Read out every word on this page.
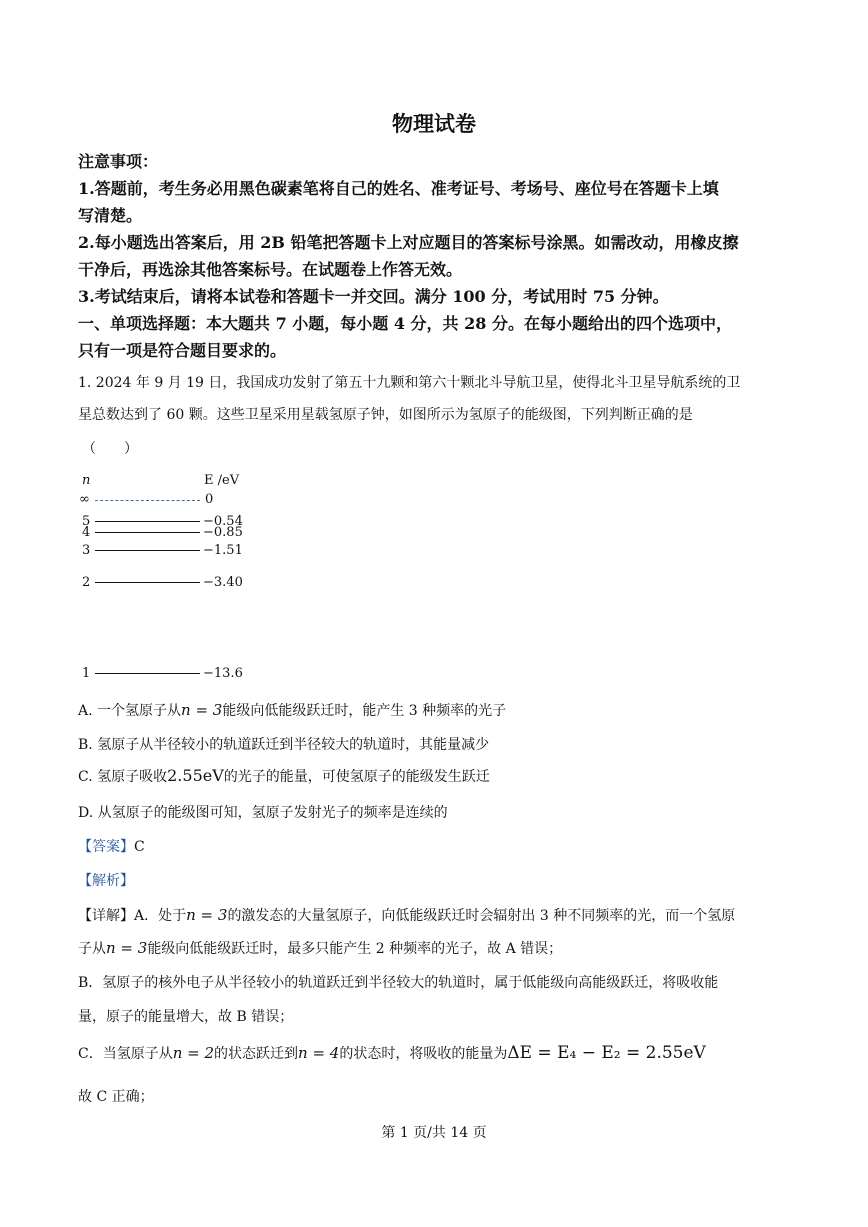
物理试卷
注意事项：
1.答题前，考生务必用黑色碳素笔将自己的姓名、准考证号、考场号、座位号在答题卡上填
写清楚。
2.每小题选出答案后，用 2B 铅笔把答题卡上对应题目的答案标号涂黑。如需改动，用橡皮擦
干净后，再选涂其他答案标号。在试题卷上作答无效。
3.考试结束后，请将本试卷和答题卡一并交回。满分 100 分，考试用时 75 分钟。
一、单项选择题：本大题共 7 小题，每小题 4 分，共 28 分。在每小题给出的四个选项中，
只有一项是符合题目要求的。
1. 2024 年 9 月 19 日，我国成功发射了第五十九颗和第六十颗北斗导航卫星，使得北斗卫星导航系统的卫
星总数达到了 60 颗。这些卫星采用星载氢原子钟，如图所示为氢原子的能级图，下列判断正确的是
（　　）
n	E /eV
∞	0
5	−0.54
4	−0.85
3	−1.51
2	−3.40
1	−13.6
A. 一个氢原子从n = 3能级向低能级跃迁时，能产生 3 种频率的光子
B. 氢原子从半径较小的轨道跃迁到半径较大的轨道时，其能量减少
C. 氢原子吸收2.55eV的光子的能量，可使氢原子的能级发生跃迁
D. 从氢原子的能级图可知，氢原子发射光子的频率是连续的
【答案】C
【解析】
【详解】A．处于n = 3的激发态的大量氢原子，向低能级跃迁时会辐射出 3 种不同频率的光，而一个氢原
子从n = 3能级向低能级跃迁时，最多只能产生 2 种频率的光子，故 A 错误；
B．氢原子的核外电子从半径较小的轨道跃迁到半径较大的轨道时，属于低能级向高能级跃迁，将吸收能
量，原子的能量增大，故 B 错误；
C．当氢原子从n = 2的状态跃迁到n = 4的状态时，将吸收的能量为ΔE = E₄ − E₂ = 2.55eV
故 C 正确；
第 1 页/共 14 页
